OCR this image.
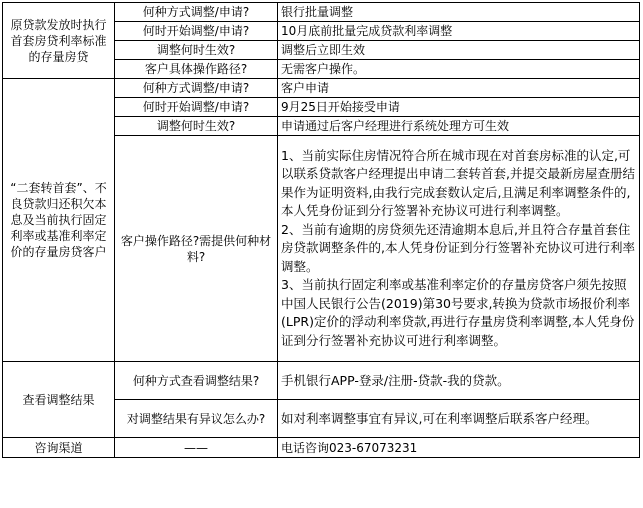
原贷款发放时执行首套房贷利率标准的存量房贷	何种方式调整/申请?	银行批量调整
	何时开始调整/申请?	10月底前批量完成贷款利率调整
	调整何时生效?	调整后立即生效
	客户具体操作路径?	无需客户操作。
“二套转首套”、不良贷款归还积欠本息及当前执行固定利率或基准利率定价的存量房贷客户	何种方式调整/申请?	客户申请
	何时开始调整/申请?	9月25日开始接受申请
	调整何时生效?	申请通过后客户经理进行系统处理方可生效
	客户操作路径?需提供何种材料?	1、当前实际住房情况符合所在城市现在对首套房标准的认定,可以联系贷款客户经理提出申请二套转首套,并提交最新房屋查册结果作为证明资料,由我行完成套数认定后,且满足利率调整条件的,本人凭身份证到分行签署补充协议可进行利率调整。
2、当前有逾期的房贷须先还清逾期本息后,并且符合存量首套住房贷款调整条件的,本人凭身份证到分行签署补充协议可进行利率调整。
3、当前执行固定利率或基准利率定价的存量房贷客户须先按照中国人民银行公告(2019)第30号要求,转换为贷款市场报价利率(LPR)定价的浮动利率贷款,再进行存量房贷利率调整,本人凭身份证到分行签署补充协议可进行利率调整。

查看调整结果	何种方式查看调整结果?	手机银行APP-登录/注册-贷款-我的贷款。
	对调整结果有异议怎么办?	如对利率调整事宜有异议,可在利率调整后联系客户经理。
咨询渠道	——	电话咨询023-67073231
